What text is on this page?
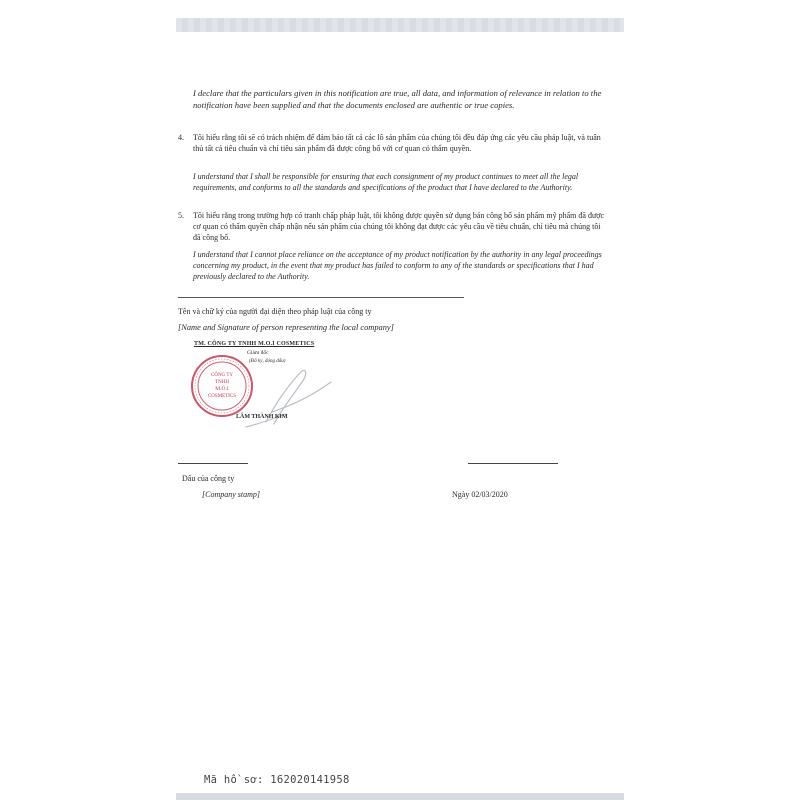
I declare that the particulars given in this notification are true, all data, and information of relevance in relation to the notification have been supplied and that the documents enclosed are authentic or true copies.

4. Tôi hiểu rằng tôi sẽ có trách nhiệm để đảm bảo tất cả các lô sản phẩm của chúng tôi đều đáp ứng các yêu cầu pháp luật, và tuân thủ tất cả tiêu chuẩn và chỉ tiêu sản phẩm đã được công bố với cơ quan có thẩm quyền.

I understand that I shall be responsible for ensuring that each consignment of my product continues to meet all the legal requirements, and conforms to all the standards and specifications of the product that I have declared to the Authority.

5. Tôi hiểu rằng trong trường hợp có tranh chấp pháp luật, tôi không được quyền sử dụng bản công bố sản phẩm mỹ phẩm đã được cơ quan có thẩm quyền chấp nhận nếu sản phẩm của chúng tôi không đạt được các yêu cầu về tiêu chuẩn, chỉ tiêu mà chúng tôi đã công bố.

I understand that I cannot place reliance on the acceptance of my product notification by the authority in any legal proceedings concerning my product, in the event that my product has failed to conform to any of the standards or specifications that I had previously declared to the Authority.

Tên và chữ ký của người đại diện theo pháp luật của công ty
[Name and Signature of person representing the local company]
TM. CÔNG TY TNHH M.O.I COSMETICS
Giám đốc
(Đã ký, đóng dấu)
CÔNG TY
TNHH
M.O.I
COSMETICS
LÂM THÀNH KIM
Dấu của công ty
[Company stamp]	Ngày 02/03/2020
Mã hồ sơ: 162020141958
